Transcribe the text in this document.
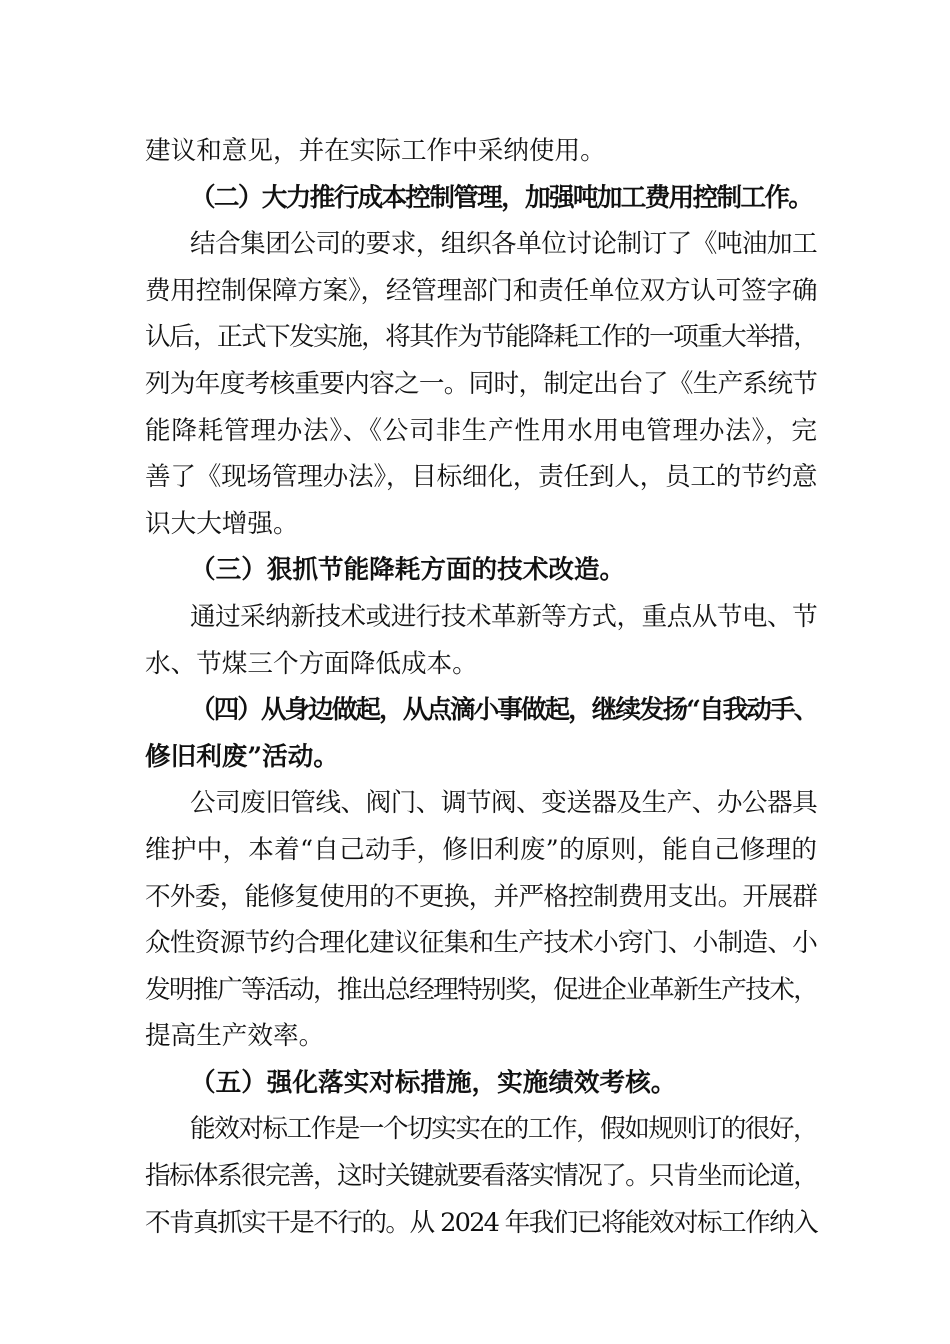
建议和意见，并在实际工作中采纳使用。
（二）大力推行成本控制管理，加强吨加工费用控制工作。
结合集团公司的要求，组织各单位讨论制订了《吨油加工
费用控制保障方案》，经管理部门和责任单位双方认可签字确
认后，正式下发实施，将其作为节能降耗工作的一项重大举措，
列为年度考核重要内容之一。同时，制定出台了《生产系统节
能降耗管理办法》、《公司非生产性用水用电管理办法》，完
善了《现场管理办法》，目标细化，责任到人，员工的节约意
识大大增强。
（三）狠抓节能降耗方面的技术改造。
通过采纳新技术或进行技术革新等方式，重点从节电、节
水、节煤三个方面降低成本。
（四）从身边做起，从点滴小事做起，继续发扬“自我动手、
修旧利废”活动。
公司废旧管线、阀门、调节阀、变送器及生产、办公器具
维护中，本着“自己动手，修旧利废”的原则，能自己修理的
不外委，能修复使用的不更换，并严格控制费用支出。开展群
众性资源节约合理化建议征集和生产技术小窍门、小制造、小
发明推广等活动，推出总经理特别奖，促进企业革新生产技术，
提高生产效率。
（五）强化落实对标措施，实施绩效考核。
能效对标工作是一个切实实在的工作，假如规则订的很好，
指标体系很完善，这时关键就要看落实情况了。只肯坐而论道，
不肯真抓实干是不行的。从 2024 年我们已将能效对标工作纳入
